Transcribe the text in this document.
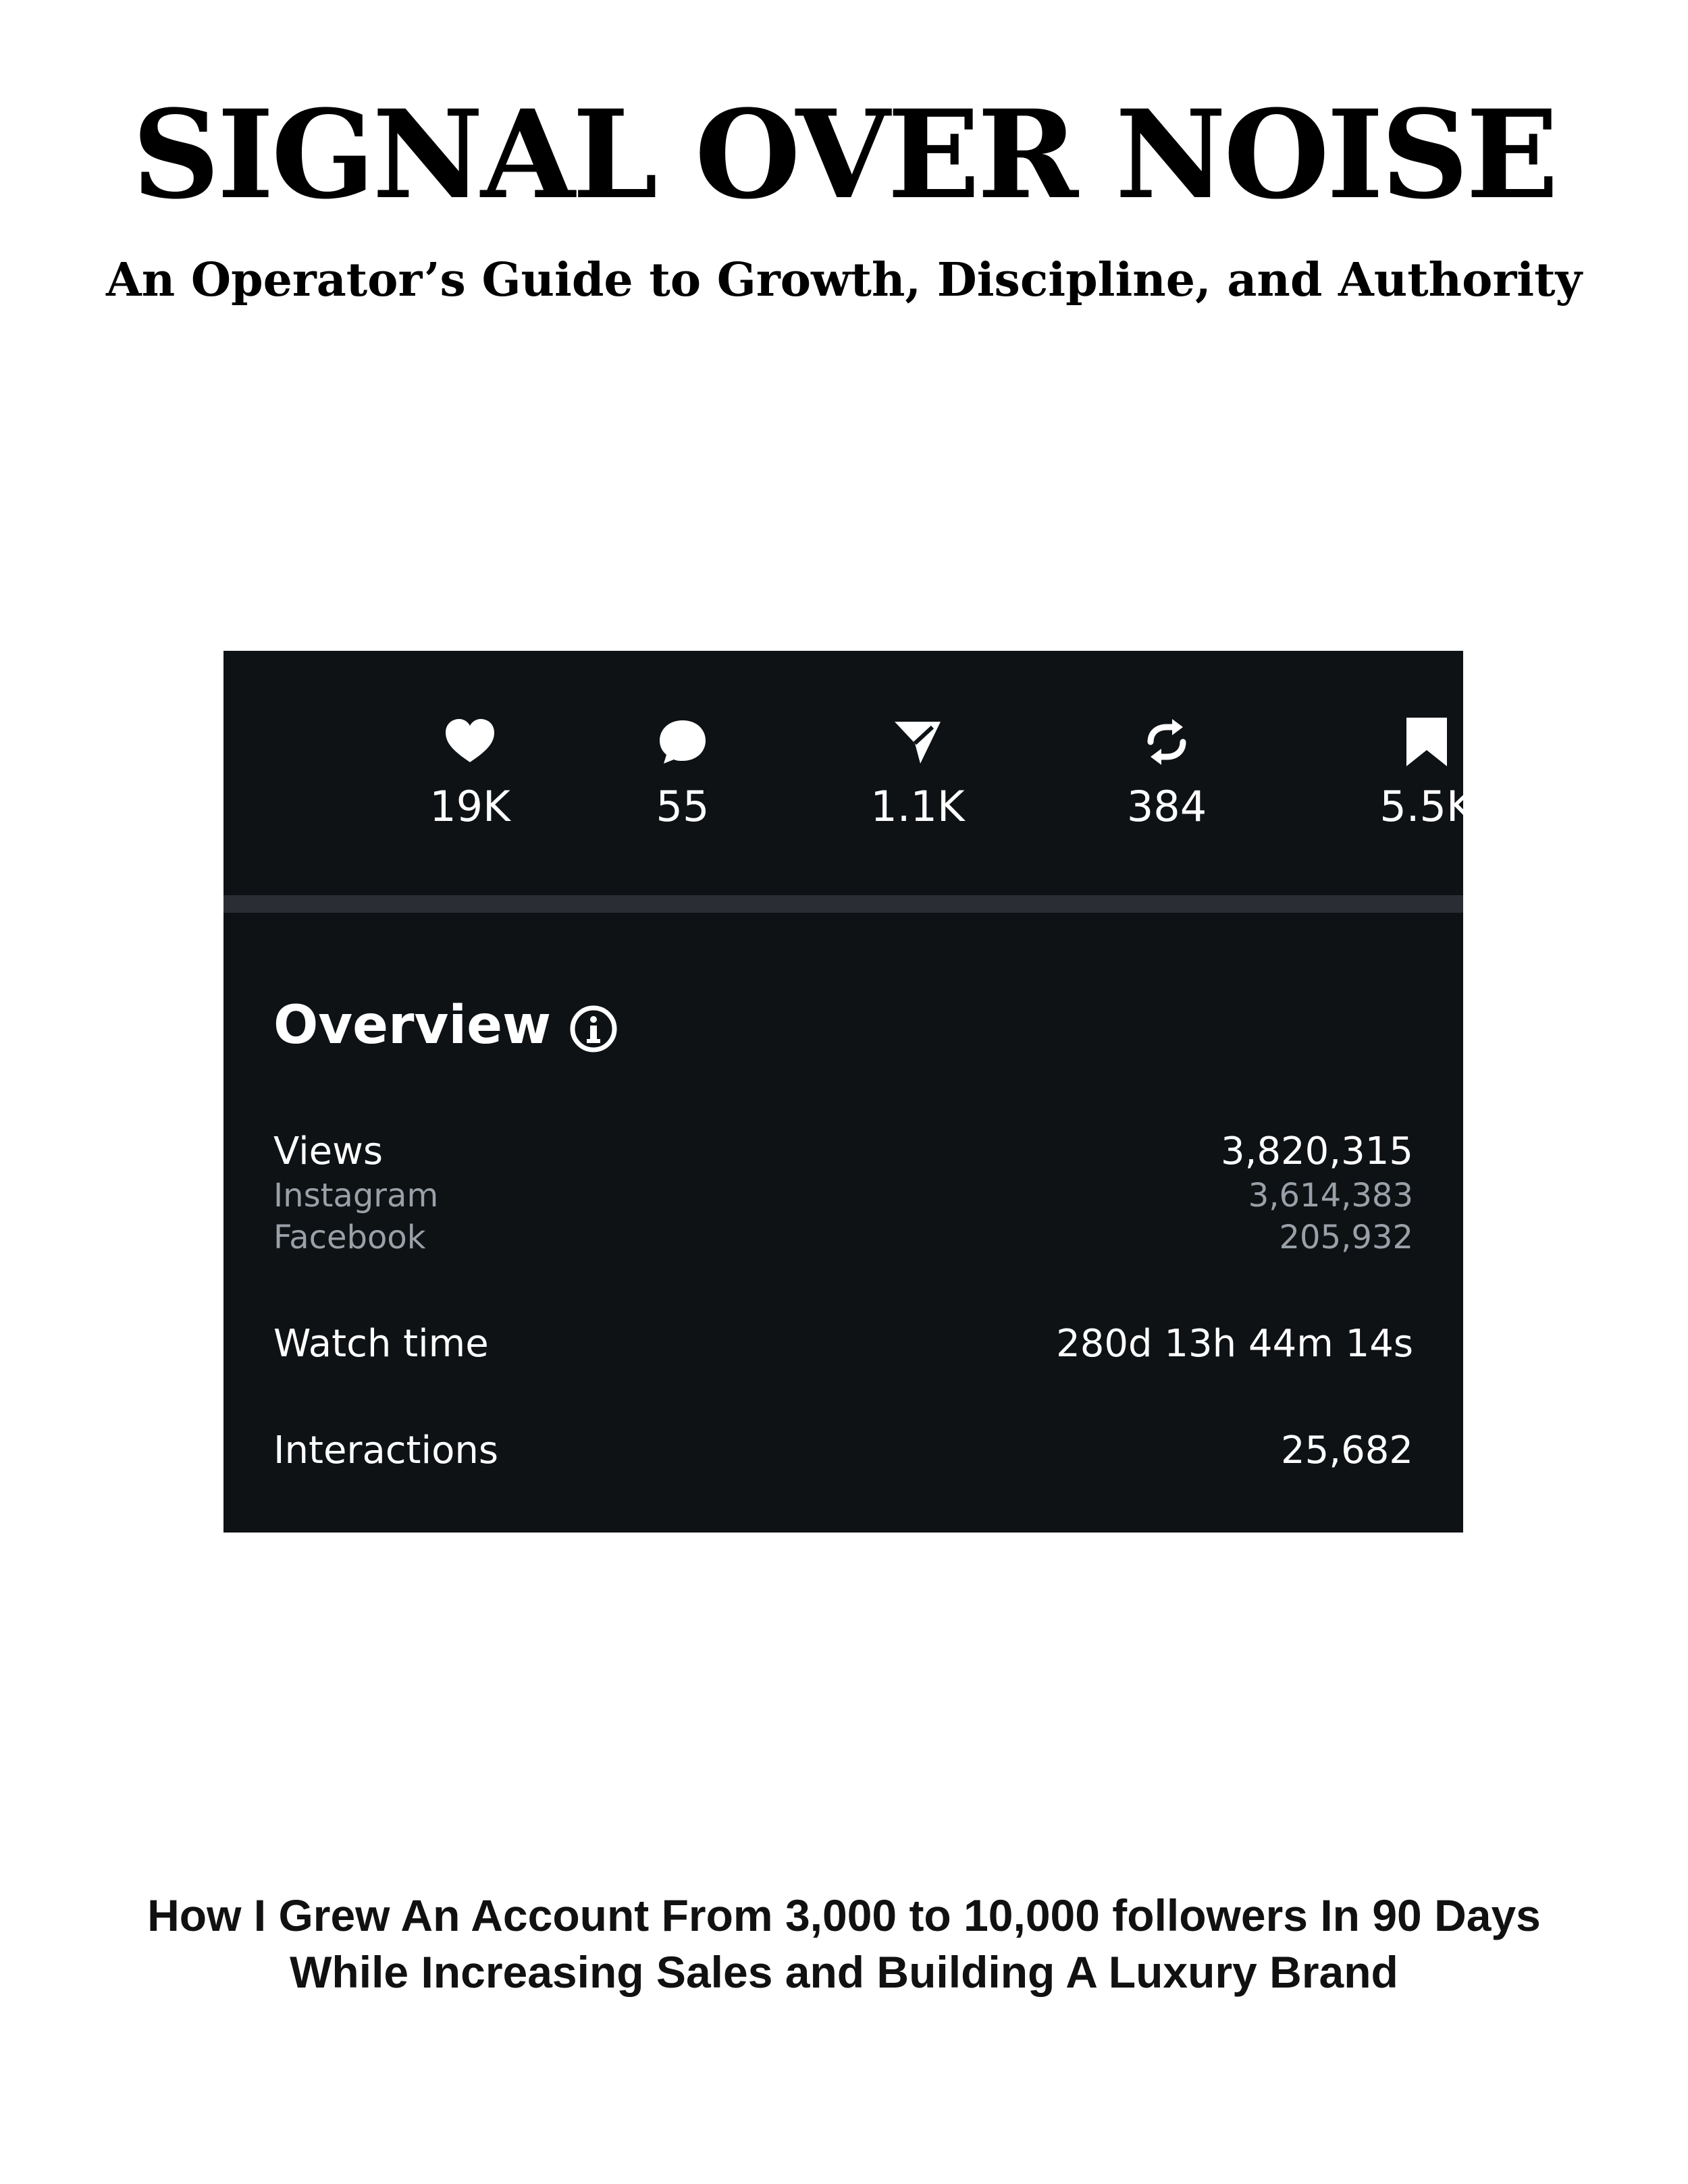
SIGNAL OVER NOISE
An Operator’s Guide to Growth, Discipline, and Authority
19K	55	1.1K	384	5.5K
Overview
Views	3,820,315
Instagram	3,614,383
Facebook	205,932
Watch time	280d 13h 44m 14s
Interactions	25,682
How I Grew An Account From 3,000 to 10,000 followers In 90 Days
While Increasing Sales and Building A Luxury Brand
